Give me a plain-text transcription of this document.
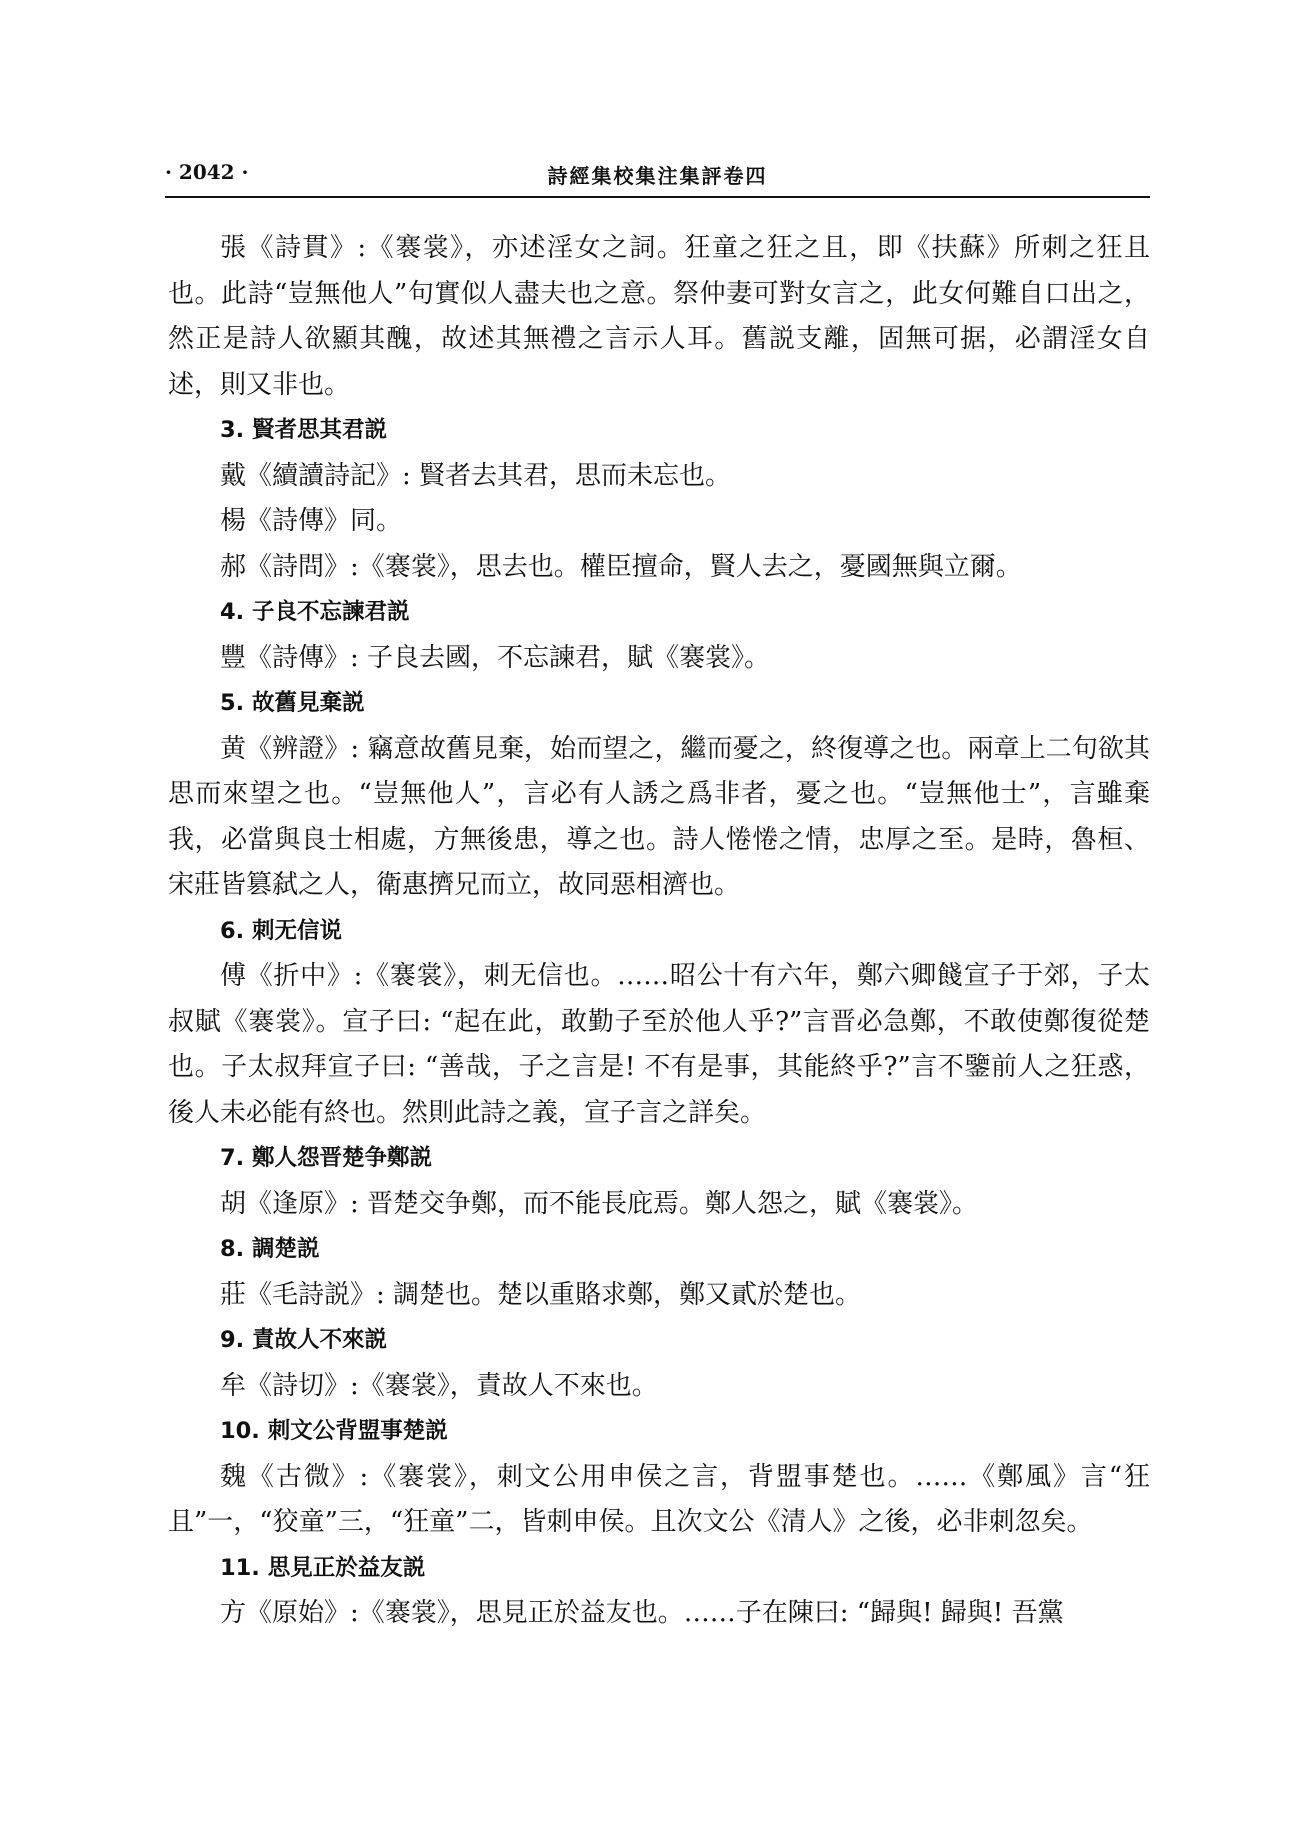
· 2042 ·	詩經集校集注集評卷四

張《詩貫》:《褰裳》，亦述淫女之詞。狂童之狂之且，即《扶蘇》所刺之狂且也。此詩“豈無他人”句實似人盡夫也之意。祭仲妻可對女言之，此女何難自口出之，然正是詩人欲顯其醜，故述其無禮之言示人耳。舊説支離，固無可据，必謂淫女自述，則又非也。

3. 賢者思其君説

戴《續讀詩記》: 賢者去其君，思而未忘也。

楊《詩傳》同。

郝《詩問》:《褰裳》，思去也。權臣擅命，賢人去之，憂國無與立爾。

4. 子良不忘諫君説

豐《詩傳》: 子良去國，不忘諫君，賦《褰裳》。

5. 故舊見棄説

黄《辨證》: 竊意故舊見棄，始而望之，繼而憂之，終復導之也。兩章上二句欲其思而來望之也。“豈無他人”，言必有人誘之爲非者，憂之也。“豈無他士”，言雖棄我，必當與良士相處，方無後患，導之也。詩人惓惓之情，忠厚之至。是時，魯桓、宋莊皆篡弑之人，衛惠擠兄而立，故同惡相濟也。

6. 刺无信说

傅《折中》:《褰裳》，刺无信也。……昭公十有六年，鄭六卿餞宣子于郊，子太叔賦《褰裳》。宣子曰: “起在此，敢勤子至於他人乎?”言晋必急鄭，不敢使鄭復從楚也。子太叔拜宣子曰: “善哉，子之言是! 不有是事，其能終乎?”言不鑒前人之狂惑，後人未必能有終也。然則此詩之義，宣子言之詳矣。

7. 鄭人怨晋楚争鄭説

胡《逢原》: 晋楚交争鄭，而不能長庇焉。鄭人怨之，賦《褰裳》。

8. 調楚説

莊《毛詩説》: 調楚也。楚以重賂求鄭，鄭又貳於楚也。

9. 責故人不來説

牟《詩切》:《褰裳》，責故人不來也。

10. 刺文公背盟事楚説

魏《古微》:《褰裳》，刺文公用申侯之言，背盟事楚也。……《鄭風》言“狂且”一，“狡童”三，“狂童”二，皆刺申侯。且次文公《清人》之後，必非刺忽矣。

11. 思見正於益友説

方《原始》:《褰裳》，思見正於益友也。……子在陳曰: “歸與! 歸與! 吾黨
